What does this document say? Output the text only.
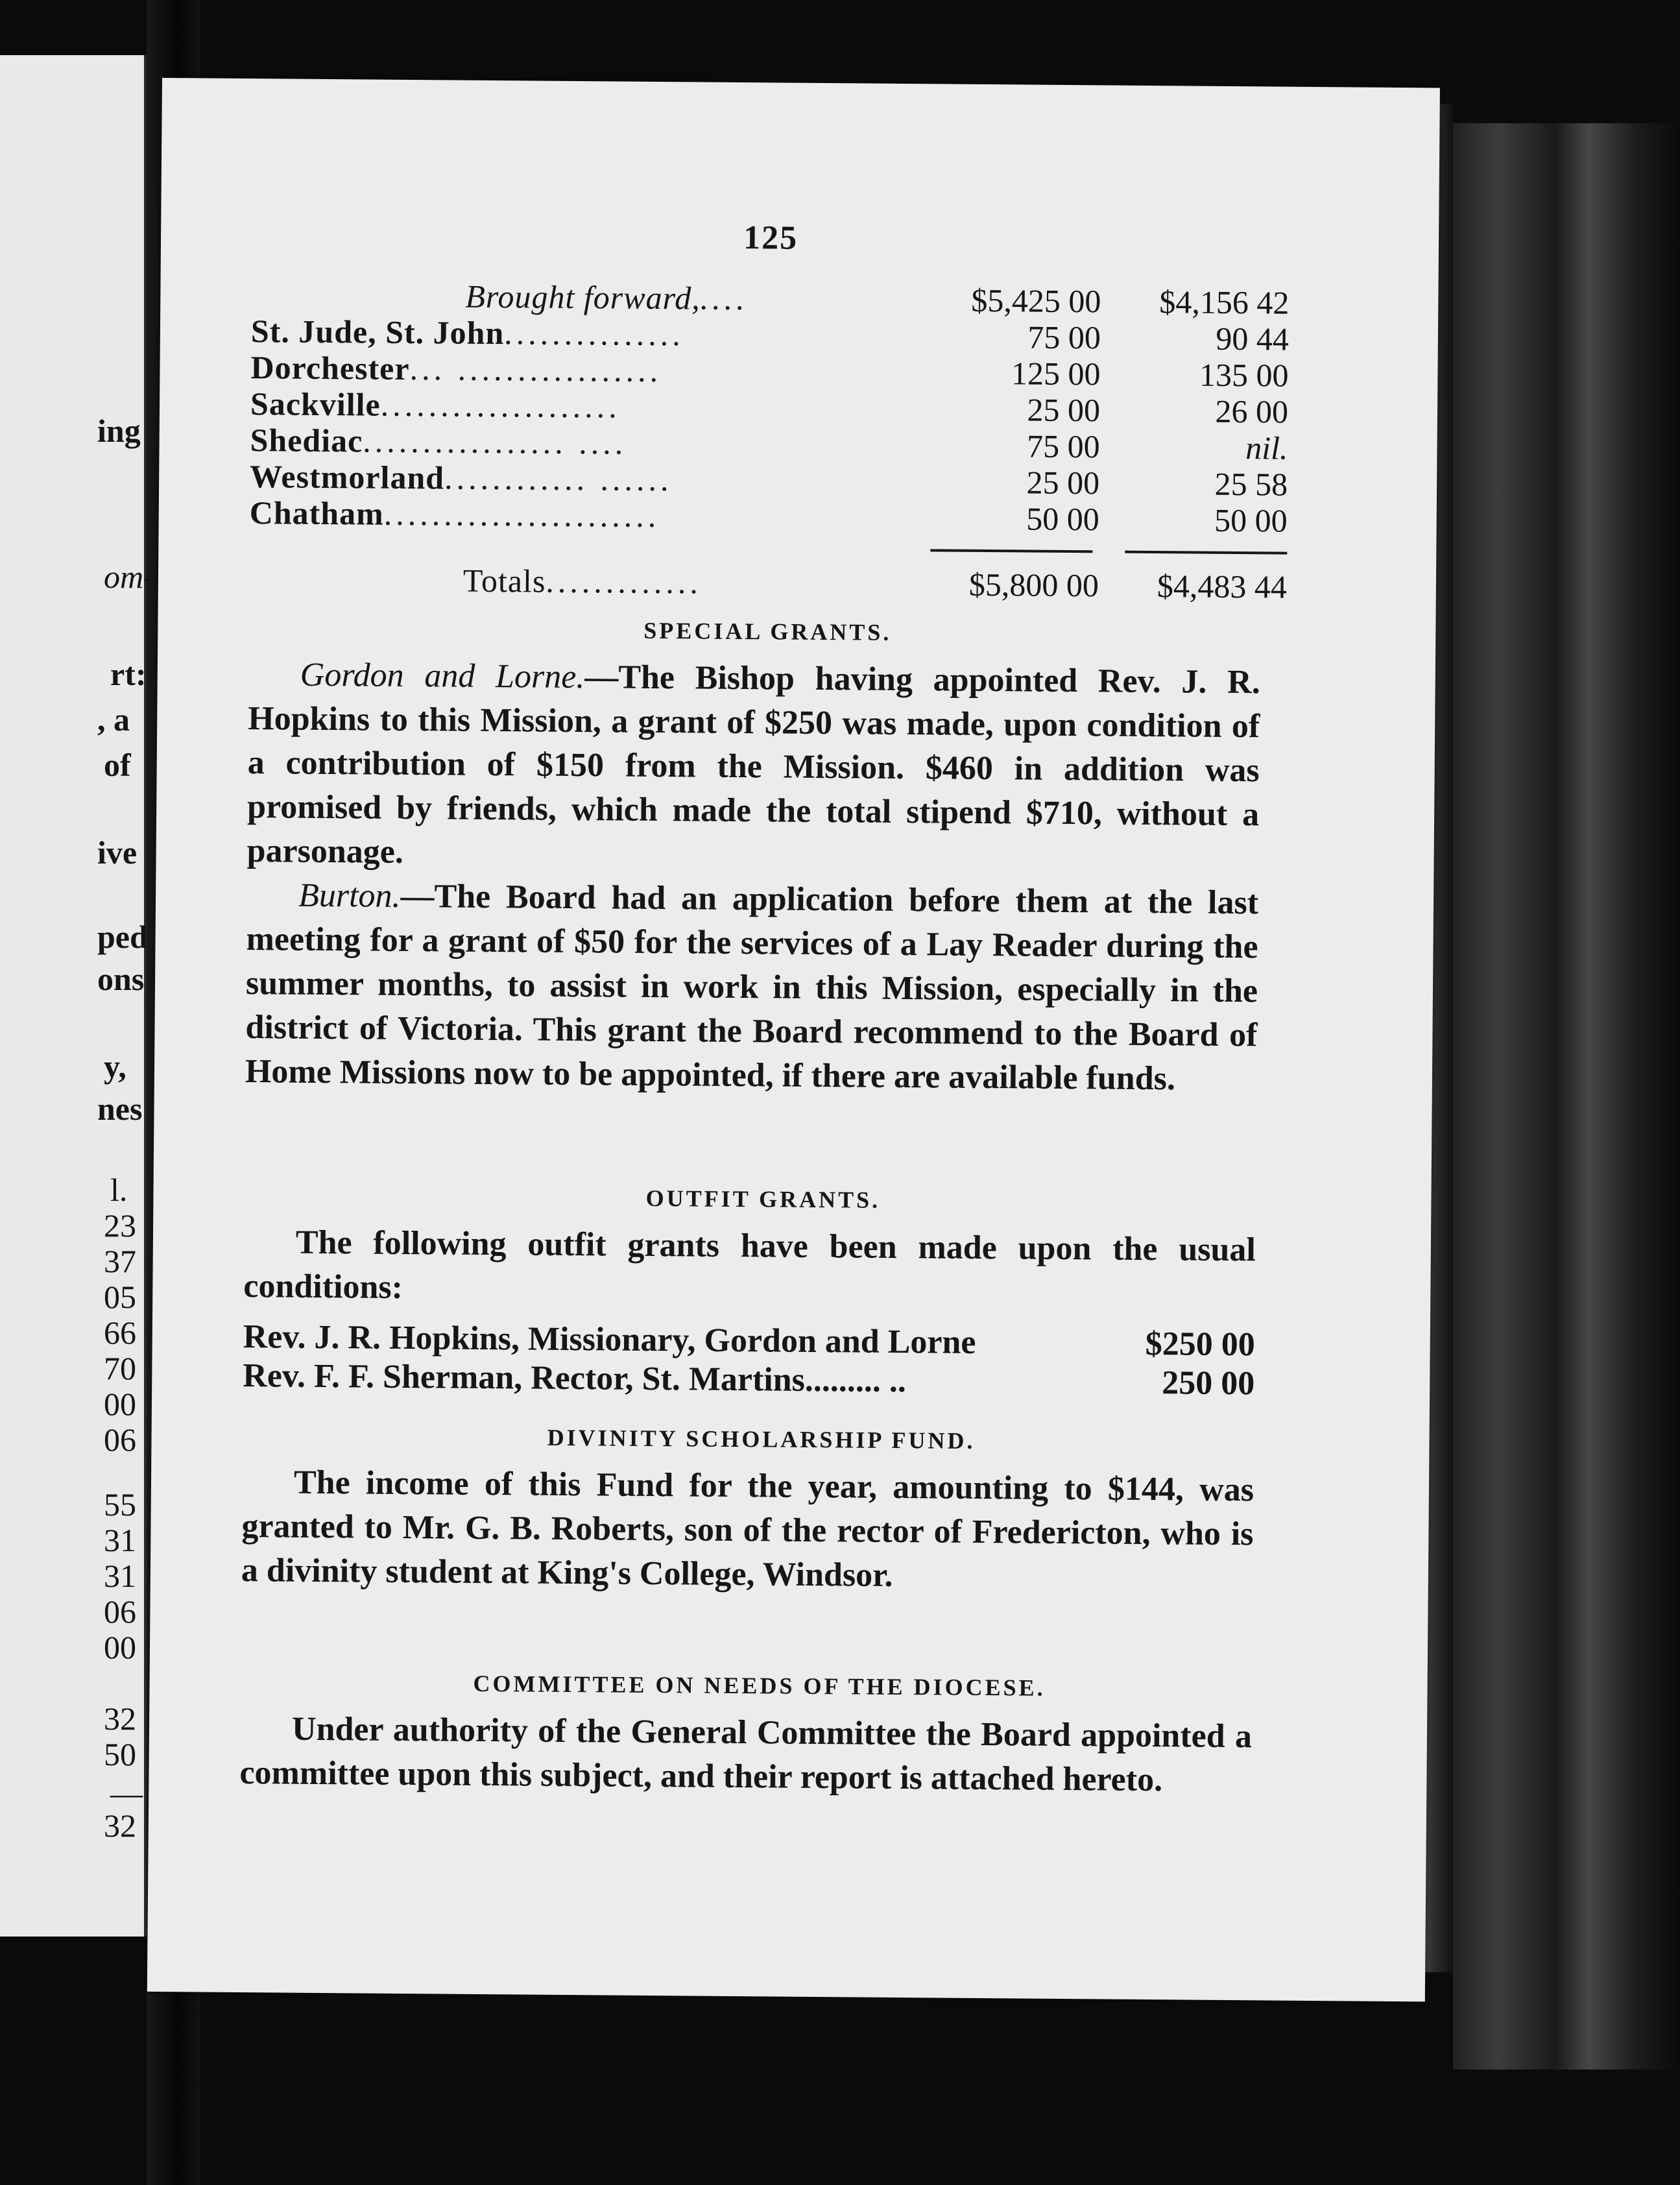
ing
om-
rt:
, a
of
ive
ped
ons
y,
nes
l.
23
37
05
66
70
00
06
55
31
31
06
00
32
50
—
32
125
Brought forward,....	$5,425 00	$4,156 42
St. Jude, St. John...............	75 00	90 44
Dorchester... .................	125 00	135 00
Sackville....................	25 00	26 00
Shediac................. ....	75 00	nil.
Westmorland............ ......	25 00	25 58
Chatham.......................	50 00	50 00
Totals.............	$5,800 00	$4,483 44
SPECIAL GRANTS.
Gordon and Lorne.—The Bishop having appointed Rev. J. R. Hopkins to this Mission, a grant of $250 was made, upon condition of a contribution of $150 from the Mission. $460 in addition was promised by friends, which made the total stipend $710, without a parsonage.
Burton.—The Board had an application before them at the last meeting for a grant of $50 for the services of a Lay Reader during the summer months, to assist in work in this Mission, especially in the district of Victoria. This grant the Board recommend to the Board of Home Missions now to be appointed, if there are available funds.
OUTFIT GRANTS.
The following outfit grants have been made upon the usual conditions:
Rev. J. R. Hopkins, Missionary, Gordon and Lorne	$250 00
Rev. F. F. Sherman, Rector, St. Martins......... ..	250 00
DIVINITY SCHOLARSHIP FUND.
The income of this Fund for the year, amounting to $144, was granted to Mr. G. B. Roberts, son of the rector of Fredericton, who is a divinity student at King's College, Windsor.
COMMITTEE ON NEEDS OF THE DIOCESE.
Under authority of the General Committee the Board appointed a committee upon this subject, and their report is attached hereto.
